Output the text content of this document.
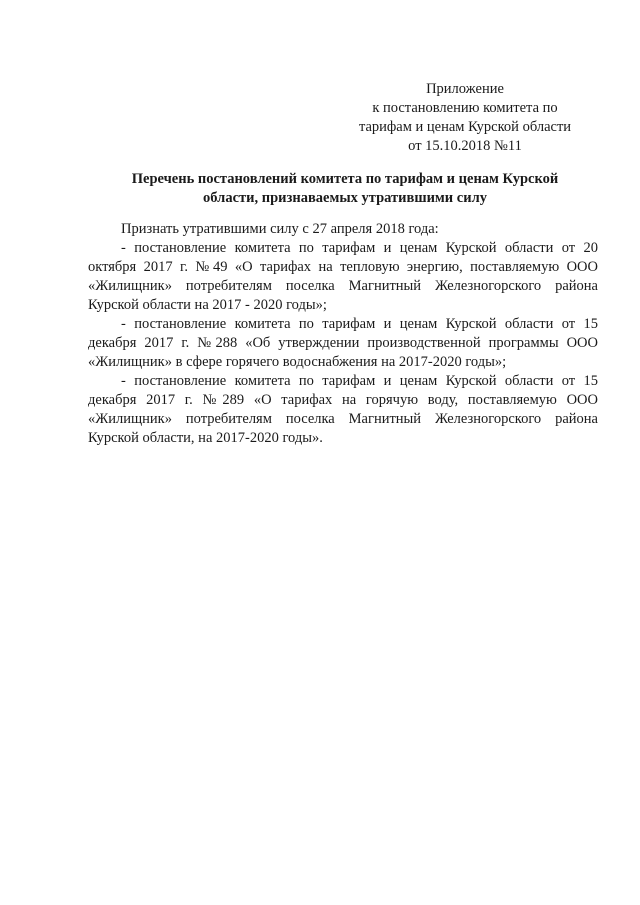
Приложение
к постановлению комитета по
тарифам и ценам Курской области
от 15.10.2018 №11
Перечень постановлений комитета по тарифам и ценам Курской
области, признаваемых утратившими силу
Признать утратившими силу с 27 апреля 2018 года:

- постановление комитета по тарифам и ценам Курской области от 20 октября 2017 г. №49 «О тарифах на тепловую энергию, поставляемую ООО «Жилищник» потребителям поселка Магнитный Железногорского района Курской области на 2017 - 2020 годы»;

- постановление комитета по тарифам и ценам Курской области от 15 декабря 2017 г. №288 «Об утверждении производственной программы ООО «Жилищник» в сфере горячего водоснабжения на 2017-2020 годы»;

- постановление комитета по тарифам и ценам Курской области от 15 декабря 2017 г. №289 «О тарифах на горячую воду, поставляемую ООО «Жилищник» потребителям поселка Магнитный Железногорского района Курской области, на 2017-2020 годы».
